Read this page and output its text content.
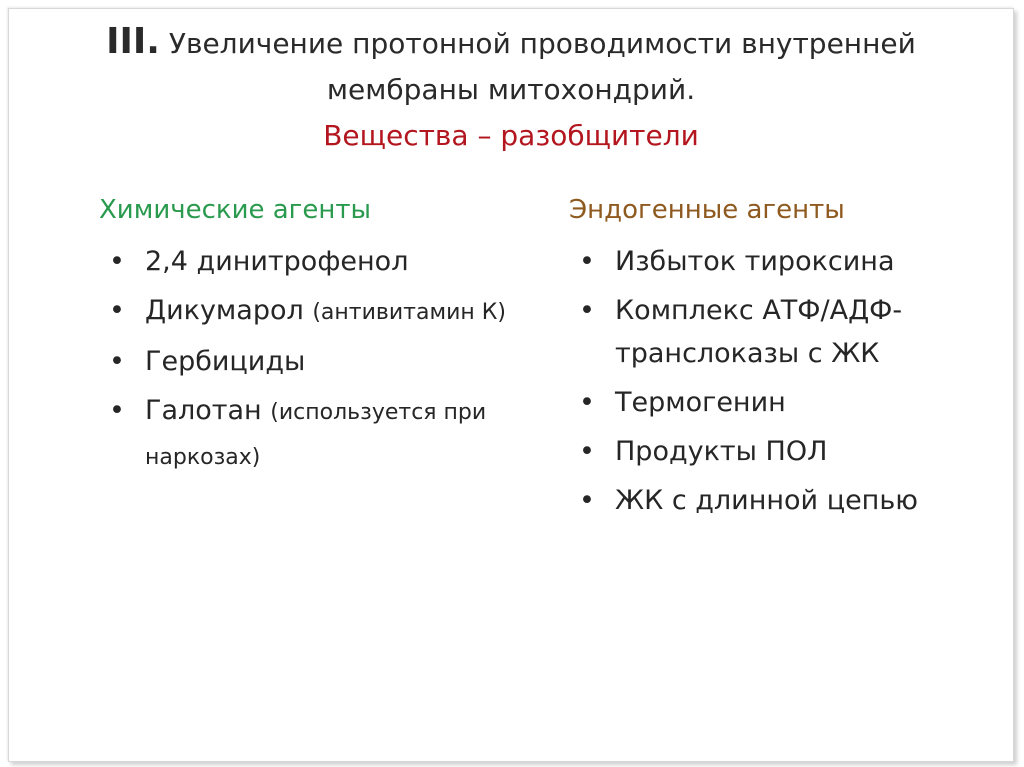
III. Увеличение протонной проводимости внутренней
мембраны митохондрий.
Вещества – разобщители
Химические агенты
• 2,4 динитрофенол
• Дикумарол (антивитамин К)
• Гербициды
• Галотан (используется при наркозах)
Эндогенные агенты
• Избыток тироксина
• Комплекс АТФ/АДФ-транслоказы с ЖК
• Термогенин
• Продукты ПОЛ
• ЖК с длинной цепью
